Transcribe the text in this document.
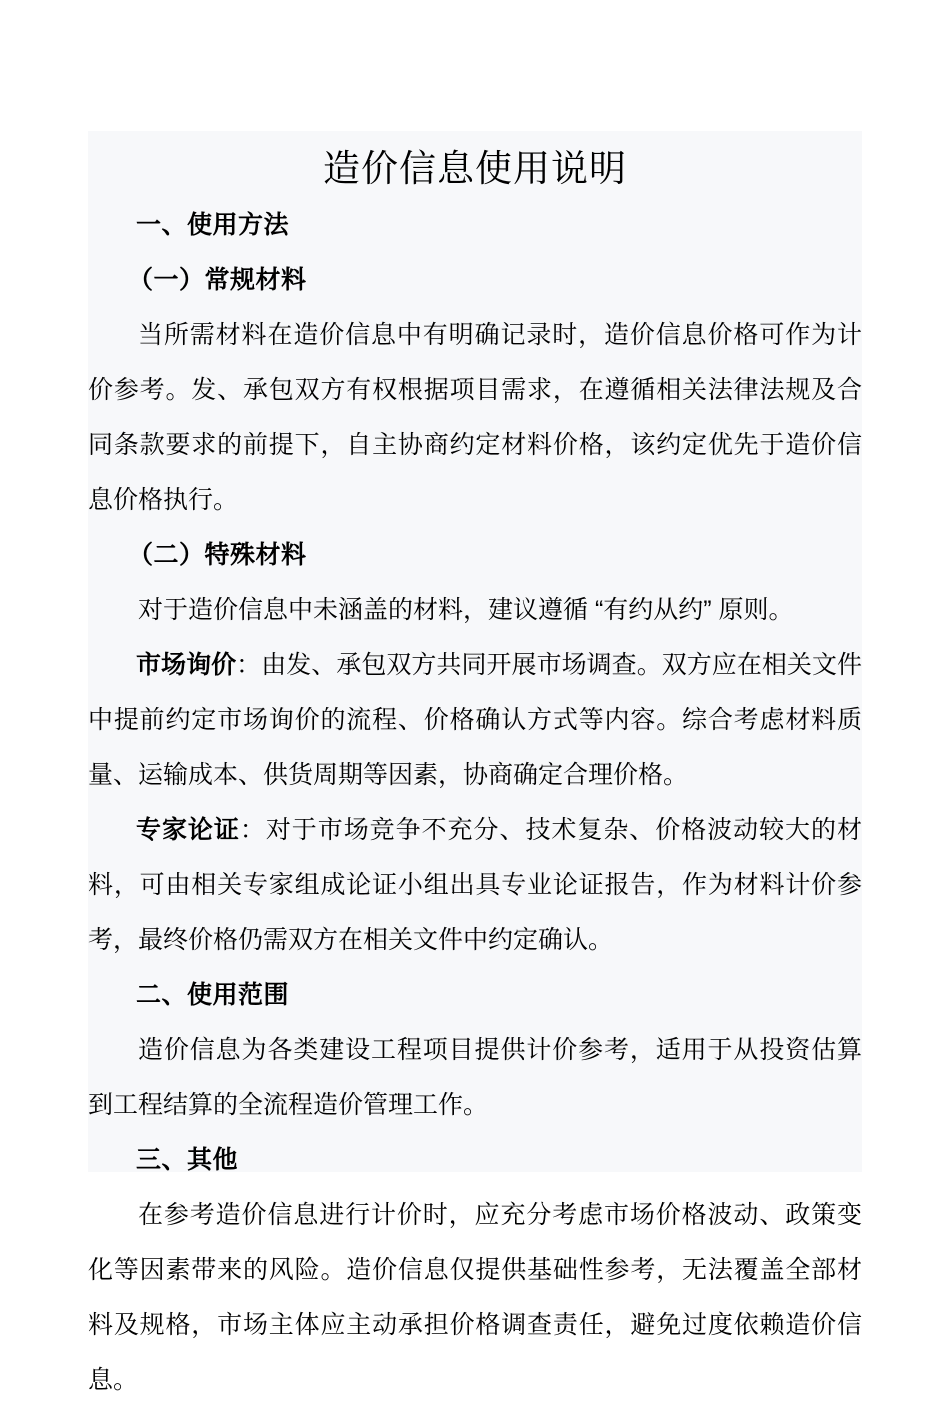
造价信息使用说明
一、使用方法
（一）常规材料
当所需材料在造价信息中有明确记录时，造价信息价格可作为计价参考。发、承包双方有权根据项目需求，在遵循相关法律法规及合同条款要求的前提下，自主协商约定材料价格，该约定优先于造价信息价格执行。
（二）特殊材料
对于造价信息中未涵盖的材料，建议遵循 “有约从约” 原则。
市场询价：由发、承包双方共同开展市场调查。双方应在相关文件中提前约定市场询价的流程、价格确认方式等内容。综合考虑材料质量、运输成本、供货周期等因素，协商确定合理价格。
专家论证：对于市场竞争不充分、技术复杂、价格波动较大的材料，可由相关专家组成论证小组出具专业论证报告，作为材料计价参考，最终价格仍需双方在相关文件中约定确认。
二、使用范围
造价信息为各类建设工程项目提供计价参考，适用于从投资估算到工程结算的全流程造价管理工作。
三、其他
在参考造价信息进行计价时，应充分考虑市场价格波动、政策变化等因素带来的风险。造价信息仅提供基础性参考，无法覆盖全部材料及规格，市场主体应主动承担价格调查责任，避免过度依赖造价信息。
